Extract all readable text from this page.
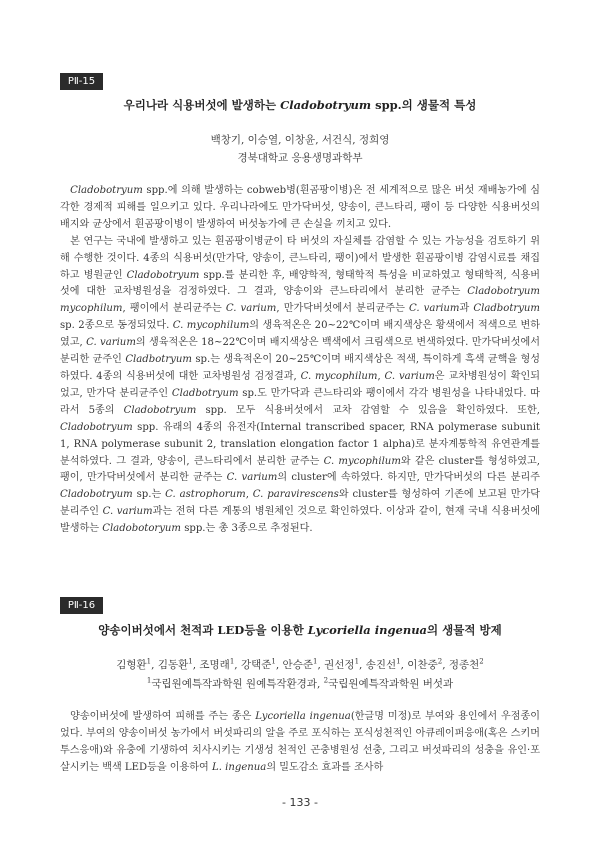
PⅡ-15
우리나라 식용버섯에 발생하는 Cladobotryum spp.의 생물적 특성
백창기, 이승열, 이창윤, 서건식, 정희영
경북대학교 응용생명과학부

Cladobotryum spp.에 의해 발생하는 cobweb병(흰곰팡이병)은 전 세계적으로 많은 버섯 재배농가에 심각한 경제적 피해를 일으키고 있다. 우리나라에도 만가닥버섯, 양송이, 큰느타리, 팽이 등 다양한 식용버섯의 배지와 균상에서 흰곰팡이병이 발생하여 버섯농가에 큰 손실을 끼치고 있다.

본 연구는 국내에 발생하고 있는 흰곰팡이병균이 타 버섯의 자실체를 감염할 수 있는 가능성을 검토하기 위해 수행한 것이다. 4종의 식용버섯(만가닥, 양송이, 큰느타리, 팽이)에서 발생한 흰곰팡이병 감염시료를 채집하고 병원균인 Cladobotryum spp.를 분리한 후, 배양학적, 형태학적 특성을 비교하였고 형태학적, 식용버섯에 대한 교차병원성을 검정하였다. 그 결과, 양송이와 큰느타리에서 분리한 균주는 Cladobotryum mycophilum, 팽이에서 분리균주는 C. varium, 만가닥버섯에서 분리균주는 C. varium과 Cladbotryum sp. 2종으로 동정되었다. C. mycophilum의 생육적온은 20~22℃이며 배지색상은 황색에서 적색으로 변하였고, C. varium의 생육적온은 18~22℃이며 배지색상은 백색에서 크림색으로 변색하였다. 만가닥버섯에서 분리한 균주인 Cladbotryum sp.는 생육적온이 20~25℃이며 배지색상은 적색, 특이하게 흑색 균핵을 형성하였다. 4종의 식용버섯에 대한 교차병원성 검정결과, C. mycophilum, C. varium은 교차병원성이 확인되었고, 만가닥 분리균주인 Cladbotryum sp.도 만가닥과 큰느타리와 팽이에서 각각 병원성을 나타내었다. 따라서 5종의 Cladobotryum spp. 모두 식용버섯에서 교차 감염할 수 있음을 확인하였다. 또한, Cladobotryum spp. 유래의 4종의 유전자(Internal transcribed spacer, RNA polymerase subunit 1, RNA polymerase subunit 2, translation elongation factor 1 alpha)로 분자계통학적 유연관계를 분석하였다. 그 결과, 양송이, 큰느타리에서 분리한 균주는 C. mycophilum와 같은 cluster를 형성하였고, 팽이, 만가닥버섯에서 분리한 균주는 C. varium의 cluster에 속하였다. 하지만, 만가닥버섯의 다른 분리주 Cladobotryum sp.는 C. astrophorum, C. paravirescens와 cluster를 형성하여 기존에 보고된 만가닥 분리주인 C. varium과는 전혀 다른 계통의 병원체인 것으로 확인하였다. 이상과 같이, 현재 국내 식용버섯에 발생하는 Cladobotoryum spp.는 총 3종으로 추정된다.

PⅡ-16
양송이버섯에서 천적과 LED등을 이용한 Lycoriella ingenua의 생물적 방제
김형환$^1$, 김동환$^1$, 조명래$^1$, 강택준$^1$, 안승준$^1$, 권선정$^1$, 송진선$^1$, 이찬중$^2$, 정종천$^2$
$^1$국립원예특작과학원 원예특작환경과, $^2$국립원예특작과학원 버섯과

양송이버섯에 발생하여 피해를 주는 종은 Lycoriella ingenua(한글명 미정)로 부여와 용인에서 우점종이었다. 부여의 양송이버섯 농가에서 버섯파리의 알을 주로 포식하는 포식성천적인 아큐레이퍼응애(혹은 스키머투스응애)와 유충에 기생하여 치사시키는 기생성 천적인 곤충병원성 선충, 그리고 버섯파리의 성충을 유인·포살시키는 백색 LED등을 이용하여 L. ingenua의 밀도감소 효과를 조사하

- 133 -
